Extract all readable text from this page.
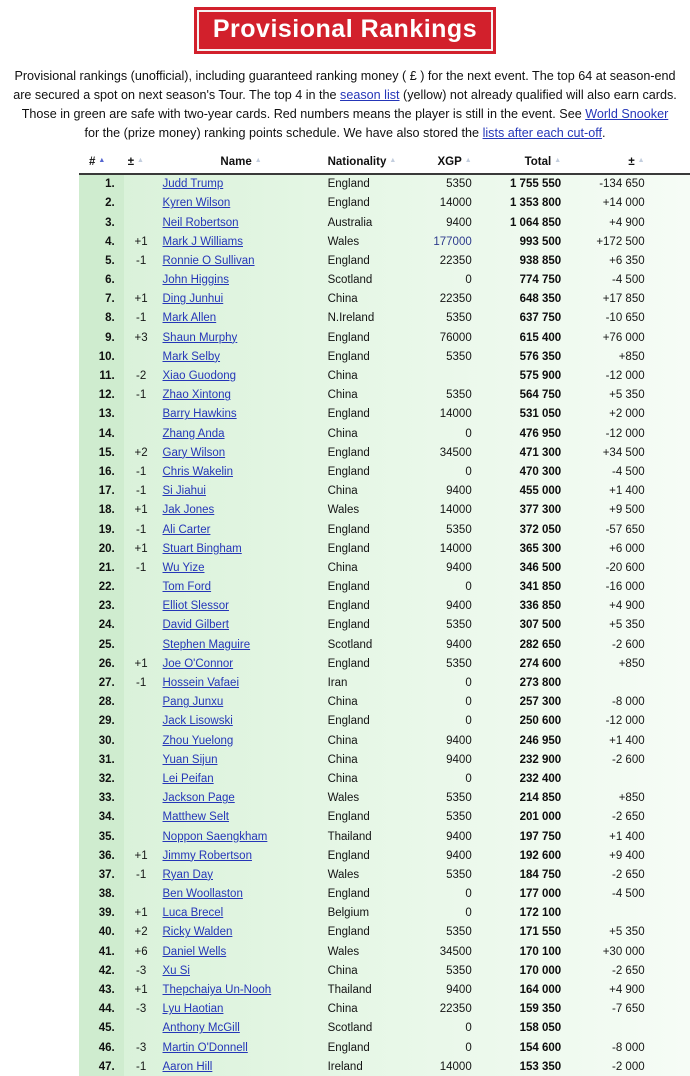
Provisional Rankings

Provisional rankings (unofficial), including guaranteed ranking money ( £ ) for the next event. The top 64 at season-end are secured a spot on next season's Tour. The top 4 in the season list (yellow) not already qualified will also earn cards. Those in green are safe with two-year cards. Red numbers means the player is still in the event. See World Snooker for the (prize money) ranking points schedule. We have also stored the lists after each cut-off.

# ▲	± ▲	Name ▲	Nationality ▲	XGP ▲	Total ▲	± ▲	
1.		Judd Trump	England	5350	1 755 550	-134 650	
2.		Kyren Wilson	England	14000	1 353 800	+14 000	
3.		Neil Robertson	Australia	9400	1 064 850	+4 900	
4.	+1	Mark J Williams	Wales	177000	993 500	+172 500	
5.	-1	Ronnie O Sullivan	England	22350	938 850	+6 350	
6.		John Higgins	Scotland	0	774 750	-4 500	
7.	+1	Ding Junhui	China	22350	648 350	+17 850	
8.	-1	Mark Allen	N.Ireland	5350	637 750	-10 650	
9.	+3	Shaun Murphy	England	76000	615 400	+76 000	
10.		Mark Selby	England	5350	576 350	+850	
11.	-2	Xiao Guodong	China		575 900	-12 000	
12.	-1	Zhao Xintong	China	5350	564 750	+5 350	
13.		Barry Hawkins	England	14000	531 050	+2 000	
14.		Zhang Anda	China	0	476 950	-12 000	
15.	+2	Gary Wilson	England	34500	471 300	+34 500	
16.	-1	Chris Wakelin	England	0	470 300	-4 500	
17.	-1	Si Jiahui	China	9400	455 000	+1 400	
18.	+1	Jak Jones	Wales	14000	377 300	+9 500	
19.	-1	Ali Carter	England	5350	372 050	-57 650	
20.	+1	Stuart Bingham	England	14000	365 300	+6 000	
21.	-1	Wu Yize	China	9400	346 500	-20 600	
22.		Tom Ford	England	0	341 850	-16 000	
23.		Elliot Slessor	England	9400	336 850	+4 900	
24.		David Gilbert	England	5350	307 500	+5 350	
25.		Stephen Maguire	Scotland	9400	282 650	-2 600	
26.	+1	Joe O'Connor	England	5350	274 600	+850	
27.	-1	Hossein Vafaei	Iran	0	273 800		
28.		Pang Junxu	China	0	257 300	-8 000	
29.		Jack Lisowski	England	0	250 600	-12 000	
30.		Zhou Yuelong	China	9400	246 950	+1 400	
31.		Yuan Sijun	China	9400	232 900	-2 600	
32.		Lei Peifan	China	0	232 400		
33.		Jackson Page	Wales	5350	214 850	+850	
34.		Matthew Selt	England	5350	201 000	-2 650	
35.		Noppon Saengkham	Thailand	9400	197 750	+1 400	
36.	+1	Jimmy Robertson	England	9400	192 600	+9 400	
37.	-1	Ryan Day	Wales	5350	184 750	-2 650	
38.		Ben Woollaston	England	0	177 000	-4 500	
39.	+1	Luca Brecel	Belgium	0	172 100		
40.	+2	Ricky Walden	England	5350	171 550	+5 350	
41.	+6	Daniel Wells	Wales	34500	170 100	+30 000	
42.	-3	Xu Si	China	5350	170 000	-2 650	
43.	+1	Thepchaiya Un-Nooh	Thailand	9400	164 000	+4 900	
44.	-3	Lyu Haotian	China	22350	159 350	-7 650	
45.		Anthony McGill	Scotland	0	158 050		
46.	-3	Martin O'Donnell	England	0	154 600	-8 000	
47.	-1	Aaron Hill	Ireland	14000	153 350	-2 000	
